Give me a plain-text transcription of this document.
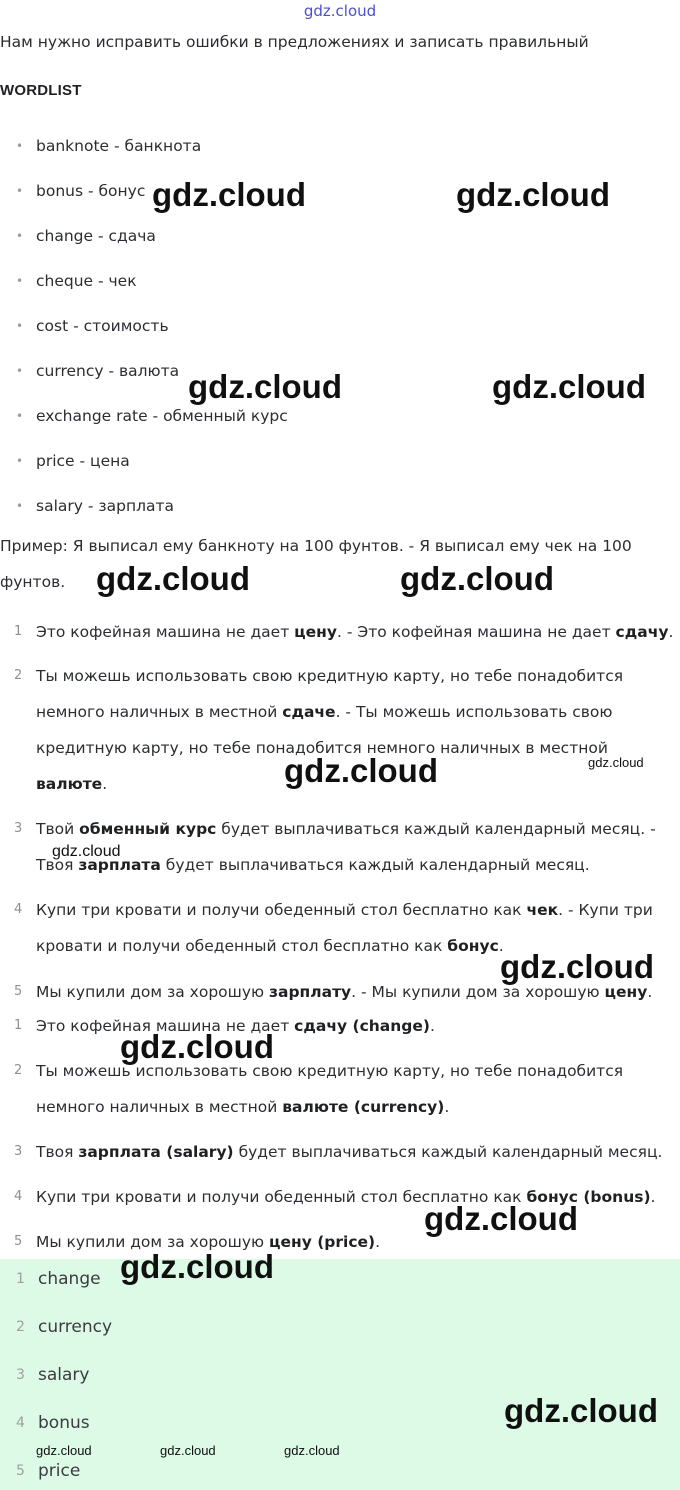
gdz.cloud
Нам нужно исправить ошибки в предложениях и записать правильный
WORDLIST
• banknote - банкнота
• bonus - бонус
• change - сдача
• cheque - чек
• cost - стоимость
• currency - валюта
• exchange rate - обменный курс
• price - цена
• salary - зарплата
Пример: Я выписал ему банкноту на 100 фунтов. - Я выписал ему чек на 100 фунтов.
1 Это кофейная машина не дает цену. - Это кофейная машина не дает сдачу.
2 Ты можешь использовать свою кредитную карту, но тебе понадобится немного наличных в местной сдаче. - Ты можешь использовать свою кредитную карту, но тебе понадобится немного наличных в местной валюте.
3 Твой обменный курс будет выплачиваться каждый календарный месяц. - Твоя зарплата будет выплачиваться каждый календарный месяц.
4 Купи три кровати и получи обеденный стол бесплатно как чек. - Купи три кровати и получи обеденный стол бесплатно как бонус.
5 Мы купили дом за хорошую зарплату. - Мы купили дом за хорошую цену.
1 Это кофейная машина не дает сдачу (change).
2 Ты можешь использовать свою кредитную карту, но тебе понадобится немного наличных в местной валюте (currency).
3 Твоя зарплата (salary) будет выплачиваться каждый календарный месяц.
4 Купи три кровати и получи обеденный стол бесплатно как бонус (bonus).
5 Мы купили дом за хорошую цену (price).
1 change
2 currency
3 salary
4 bonus
5 price
gdz.cloud	gdz.cloud
gdz.cloud	gdz.cloud
gdz.cloud	gdz.cloud
gdz.cloud	gdz.cloud
gdz.cloud
gdz.cloud
gdz.cloud
gdz.cloud
gdz.cloud
gdz.cloud
gdz.cloud	gdz.cloud	gdz.cloud
